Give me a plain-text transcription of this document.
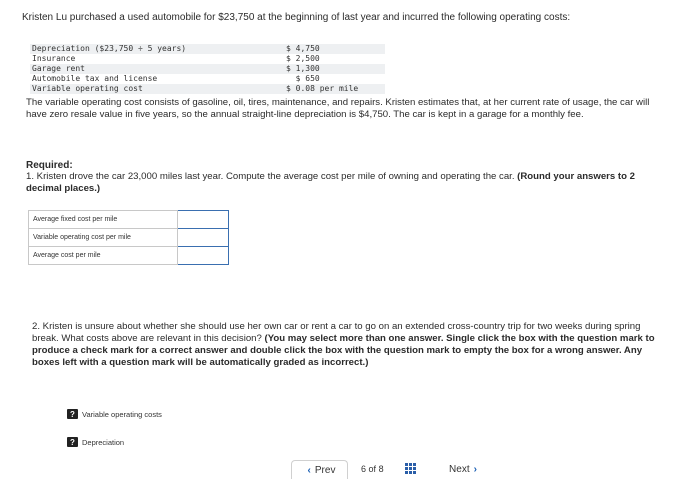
Kristen Lu purchased a used automobile for $23,750 at the beginning of last year and incurred the following operating costs:
Depreciation ($23,750 ÷ 5 years)	$ 4,750
Insurance	$ 2,500
Garage rent	$ 1,300
Automobile tax and license	$ 650
Variable operating cost	$ 0.08 per mile
The variable operating cost consists of gasoline, oil, tires, maintenance, and repairs. Kristen estimates that, at her current rate of usage, the car will have zero resale value in five years, so the annual straight-line depreciation is $4,750. The car is kept in a garage for a monthly fee.
Required:
1. Kristen drove the car 23,000 miles last year. Compute the average cost per mile of owning and operating the car. (Round your answers to 2 decimal places.)
Average fixed cost per mile	
Variable operating cost per mile	
Average cost per mile	
2. Kristen is unsure about whether she should use her own car or rent a car to go on an extended cross-country trip for two weeks during spring break. What costs above are relevant in this decision? (You may select more than one answer. Single click the box with the question mark to produce a check mark for a correct answer and double click the box with the question mark to empty the box for a wrong answer. Any boxes left with a question mark will be automatically graded as incorrect.)
? Variable operating costs
? Depreciation
‹ Prev	6 of 8	Next ›
